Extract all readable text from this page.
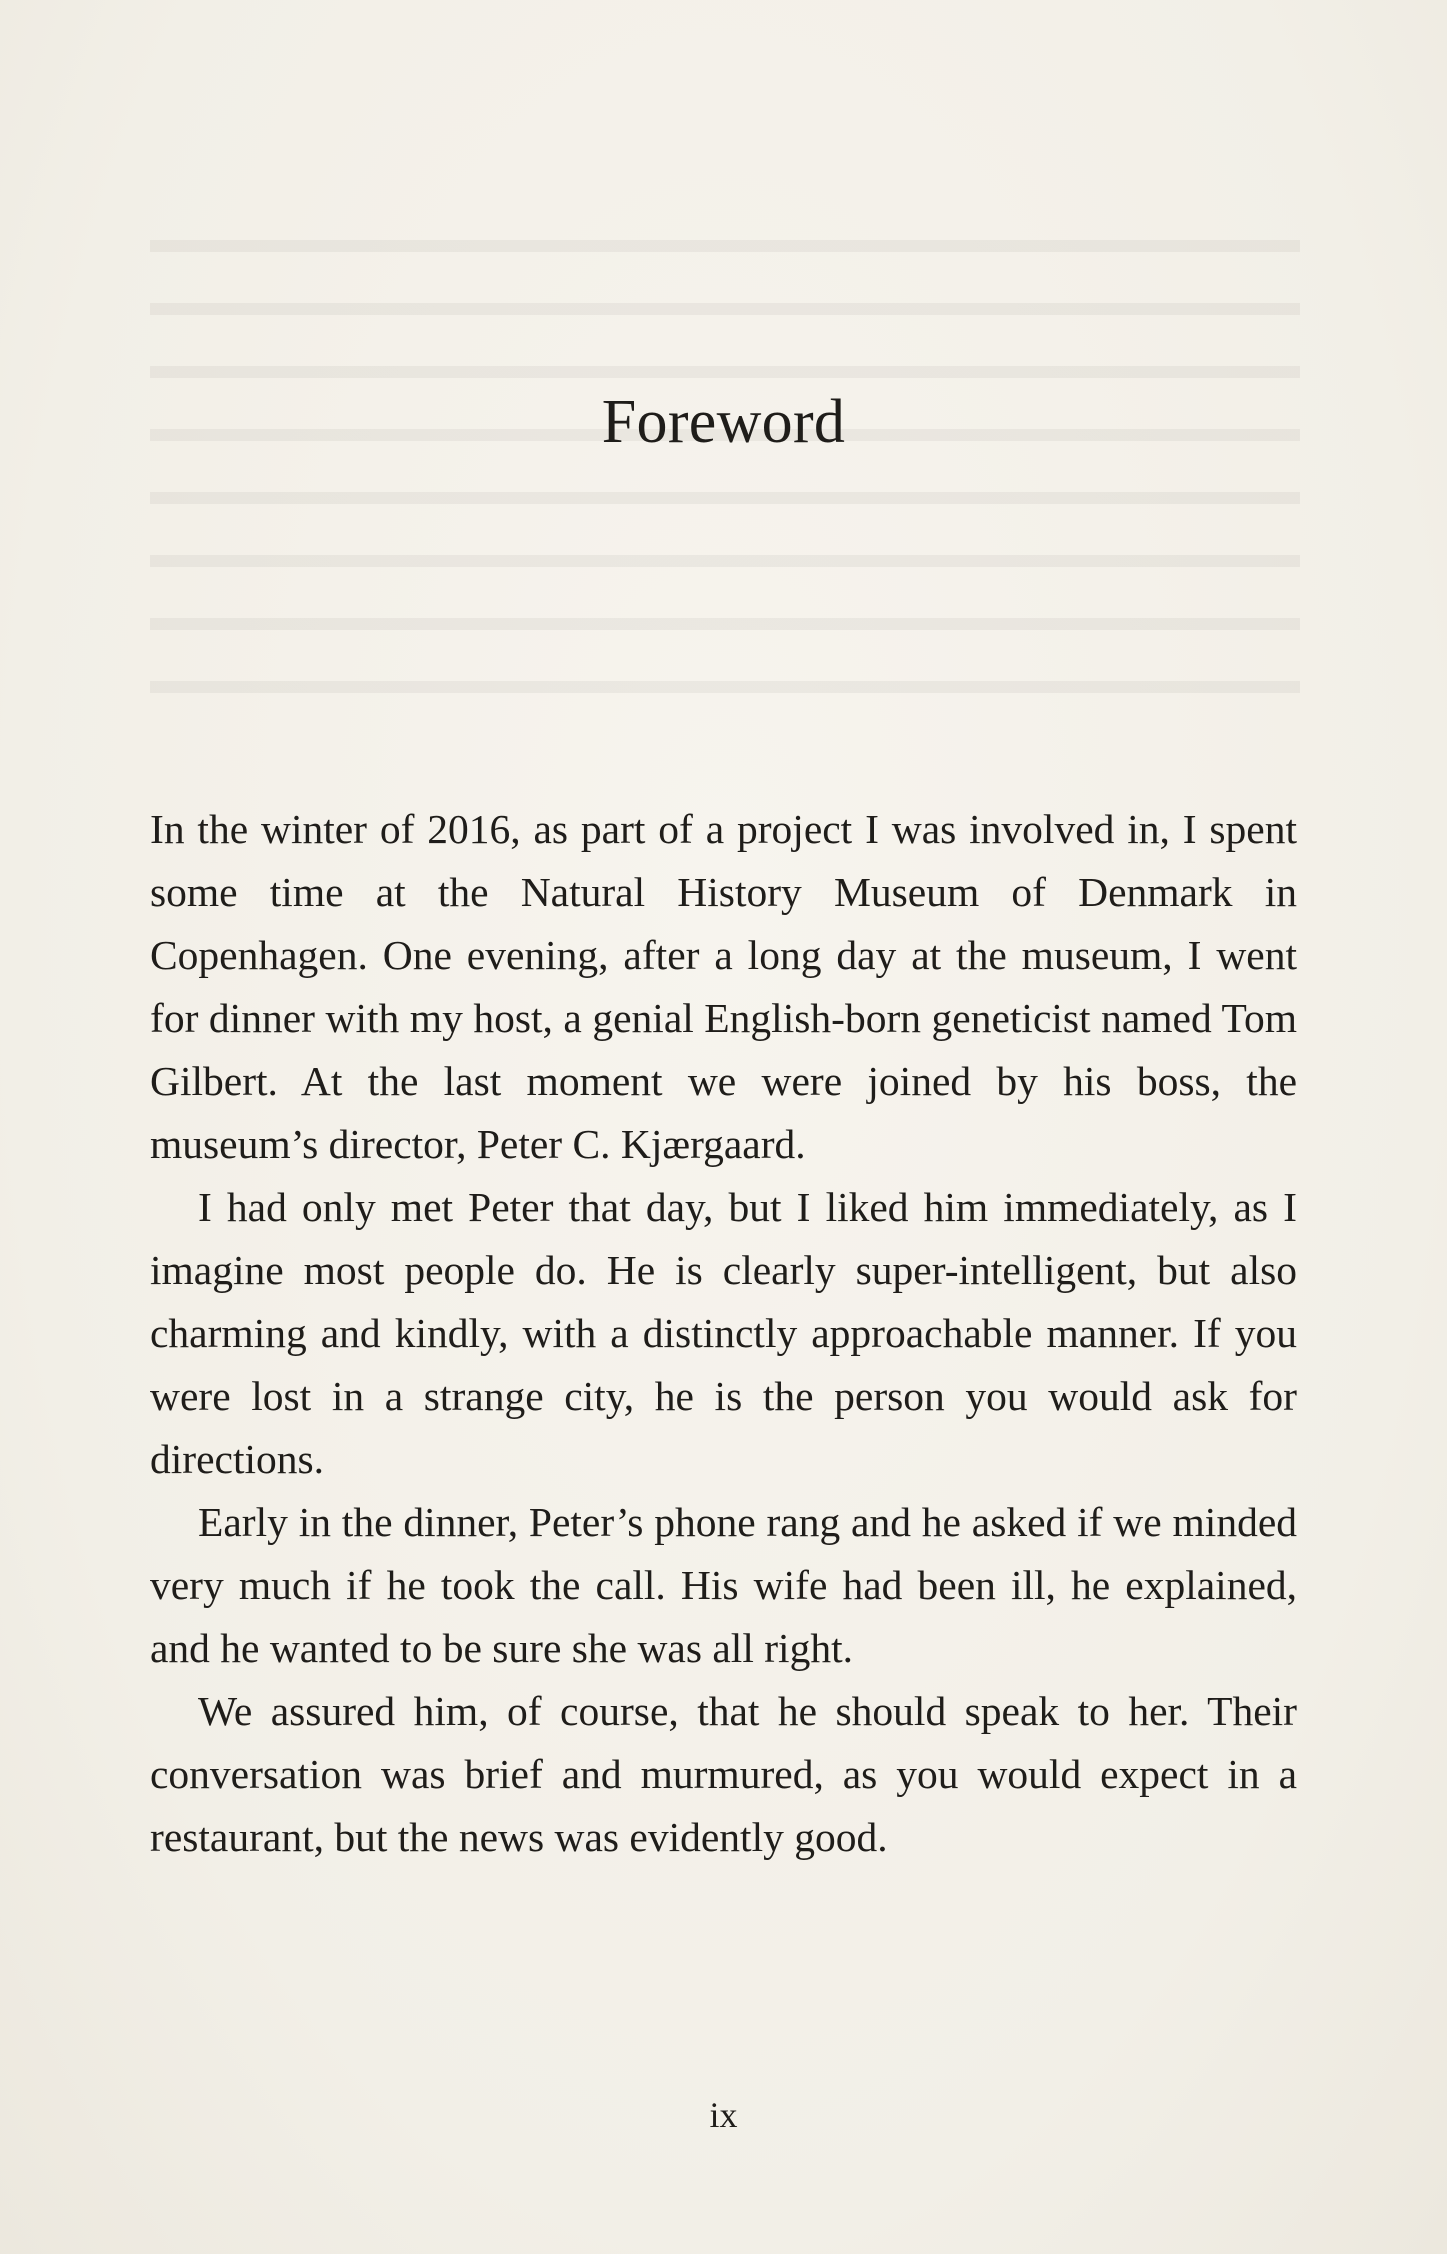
Foreword

In the winter of 2016, as part of a project I was involved in, I spent some time at the Natural History Museum of Denmark in Copenhagen. One evening, after a long day at the museum, I went for dinner with my host, a genial English-born geneticist named Tom Gilbert. At the last moment we were joined by his boss, the museum’s director, Peter C. Kjærgaard.

I had only met Peter that day, but I liked him immediately, as I imagine most people do. He is clearly super-intelligent, but also charming and kindly, with a distinctly approachable manner. If you were lost in a strange city, he is the person you would ask for directions.

Early in the dinner, Peter’s phone rang and he asked if we minded very much if he took the call. His wife had been ill, he explained, and he wanted to be sure she was all right.

We assured him, of course, that he should speak to her. Their conversation was brief and murmured, as you would expect in a restaurant, but the news was evidently good.

ix
